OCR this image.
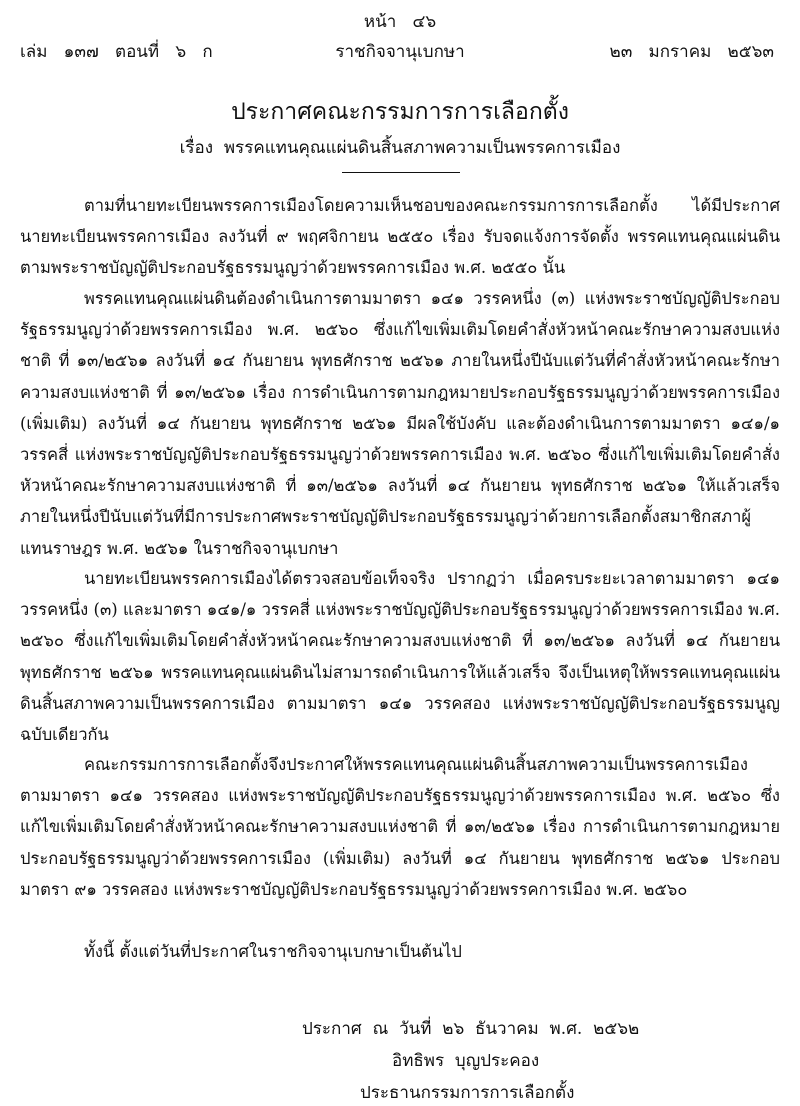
หน้า   ๔๖
เล่ม   ๑๓๗   ตอนที่   ๖   ก	ราชกิจจานุเบกษา	๒๓   มกราคม   ๒๕๖๓
ประกาศคณะกรรมการการเลือกตั้ง
เรื่อง  พรรคแทนคุณแผ่นดินสิ้นสภาพความเป็นพรรคการเมือง

ตามที่นายทะเบียนพรรคการเมืองโดยความเห็นชอบของคณะกรรมการการเลือกตั้ง ได้มีประกาศนายทะเบียนพรรคการเมือง ลงวันที่ ๙ พฤศจิกายน ๒๕๕๐ เรื่อง รับจดแจ้งการจัดตั้ง พรรคแทนคุณแผ่นดิน ตามพระราชบัญญัติประกอบรัฐธรรมนูญว่าด้วยพรรคการเมือง พ.ศ. ๒๕๕๐ นั้น

พรรคแทนคุณแผ่นดินต้องดำเนินการตามมาตรา ๑๔๑ วรรคหนึ่ง (๓) แห่งพระราชบัญญัติประกอบรัฐธรรมนูญว่าด้วยพรรคการเมือง พ.ศ. ๒๕๖๐ ซึ่งแก้ไขเพิ่มเติมโดยคำสั่งหัวหน้าคณะรักษาความสงบแห่งชาติ ที่ ๑๓/๒๕๖๑ ลงวันที่ ๑๔ กันยายน พุทธศักราช ๒๕๖๑ ภายในหนึ่งปีนับแต่วันที่คำสั่งหัวหน้าคณะรักษาความสงบแห่งชาติ ที่ ๑๓/๒๕๖๑ เรื่อง การดำเนินการตามกฎหมายประกอบรัฐธรรมนูญว่าด้วยพรรคการเมือง (เพิ่มเติม) ลงวันที่ ๑๔ กันยายน พุทธศักราช ๒๕๖๑ มีผลใช้บังคับ และต้องดำเนินการตามมาตรา ๑๔๑/๑ วรรคสี่ แห่งพระราชบัญญัติประกอบรัฐธรรมนูญว่าด้วยพรรคการเมือง พ.ศ. ๒๕๖๐ ซึ่งแก้ไขเพิ่มเติมโดยคำสั่งหัวหน้าคณะรักษาความสงบแห่งชาติ ที่ ๑๓/๒๕๖๑ ลงวันที่ ๑๔ กันยายน พุทธศักราช ๒๕๖๑ ให้แล้วเสร็จภายในหนึ่งปีนับแต่วันที่มีการประกาศพระราชบัญญัติประกอบรัฐธรรมนูญว่าด้วยการเลือกตั้งสมาชิกสภาผู้แทนราษฎร พ.ศ. ๒๕๖๑ ในราชกิจจานุเบกษา

นายทะเบียนพรรคการเมืองได้ตรวจสอบข้อเท็จจริง ปรากฏว่า เมื่อครบระยะเวลาตามมาตรา ๑๔๑ วรรคหนึ่ง (๓) และมาตรา ๑๔๑/๑ วรรคสี่ แห่งพระราชบัญญัติประกอบรัฐธรรมนูญว่าด้วยพรรคการเมือง พ.ศ. ๒๕๖๐ ซึ่งแก้ไขเพิ่มเติมโดยคำสั่งหัวหน้าคณะรักษาความสงบแห่งชาติ ที่ ๑๓/๒๕๖๑ ลงวันที่ ๑๔ กันยายน พุทธศักราช ๒๕๖๑ พรรคแทนคุณแผ่นดินไม่สามารถดำเนินการให้แล้วเสร็จ จึงเป็นเหตุให้พรรคแทนคุณแผ่นดินสิ้นสภาพความเป็นพรรคการเมือง ตามมาตรา ๑๔๑ วรรคสอง แห่งพระราชบัญญัติประกอบรัฐธรรมนูญฉบับเดียวกัน

คณะกรรมการการเลือกตั้งจึงประกาศให้พรรคแทนคุณแผ่นดินสิ้นสภาพความเป็นพรรคการเมือง ตามมาตรา ๑๔๑ วรรคสอง แห่งพระราชบัญญัติประกอบรัฐธรรมนูญว่าด้วยพรรคการเมือง พ.ศ. ๒๕๖๐ ซึ่งแก้ไขเพิ่มเติมโดยคำสั่งหัวหน้าคณะรักษาความสงบแห่งชาติ ที่ ๑๓/๒๕๖๑ เรื่อง การดำเนินการตามกฎหมายประกอบรัฐธรรมนูญว่าด้วยพรรคการเมือง (เพิ่มเติม) ลงวันที่ ๑๔ กันยายน พุทธศักราช ๒๕๖๑ ประกอบมาตรา ๙๑ วรรคสอง แห่งพระราชบัญญัติประกอบรัฐธรรมนูญว่าด้วยพรรคการเมือง พ.ศ. ๒๕๖๐

ทั้งนี้ ตั้งแต่วันที่ประกาศในราชกิจจานุเบกษาเป็นต้นไป

ประกาศ  ณ  วันที่  ๒๖  ธันวาคม  พ.ศ.  ๒๕๖๒

อิทธิพร  บุญประคอง

ประธานกรรมการการเลือกตั้ง
